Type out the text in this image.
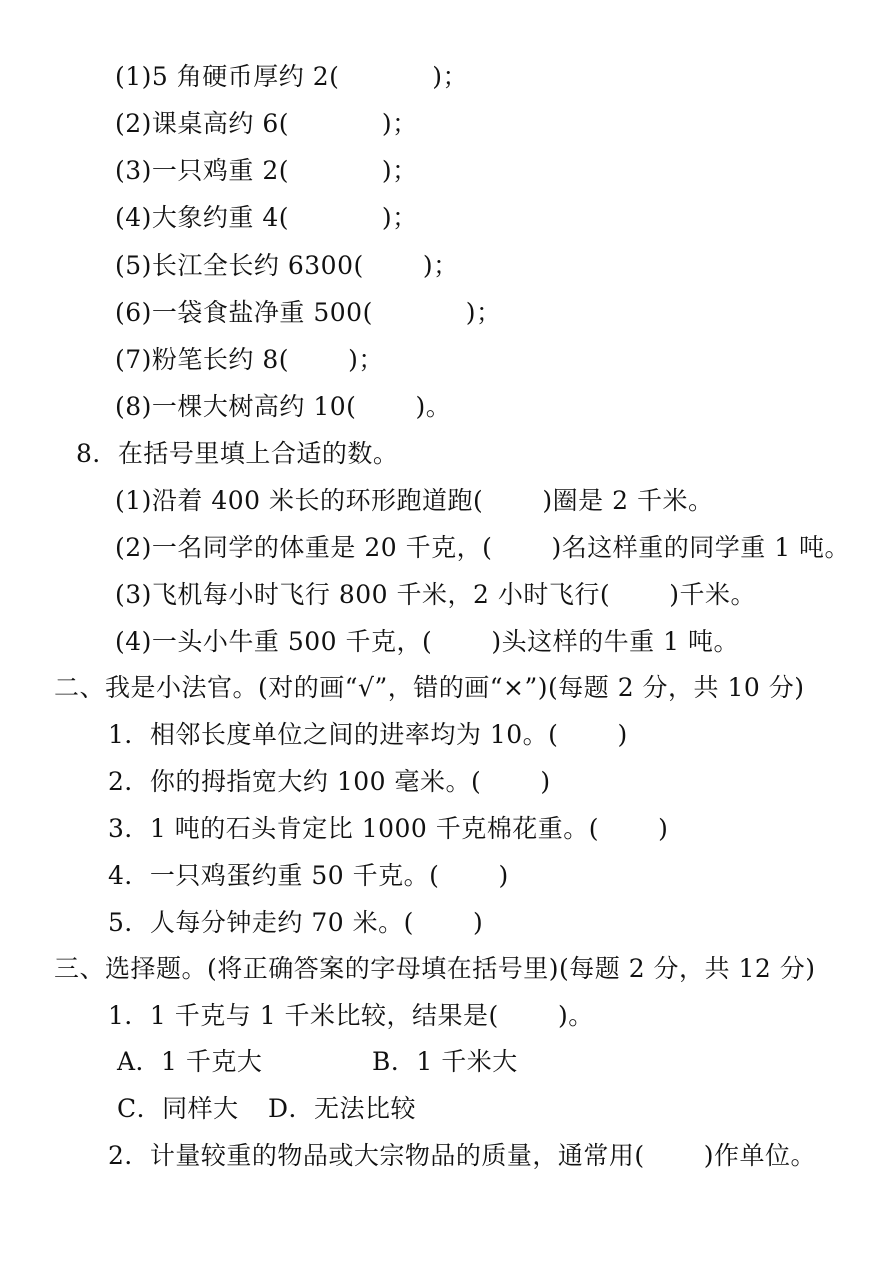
(1)5 角硬币厚约 2(           )；
(2)课桌高约 6(           )；
(3)一只鸡重 2(           )；
(4)大象约重 4(           )；
(5)长江全长约 6300(       )；
(6)一袋食盐净重 500(           )；
(7)粉笔长约 8(       )；
(8)一棵大树高约 10(       )。
8．在括号里填上合适的数。
(1)沿着 400 米长的环形跑道跑(       )圈是 2 千米。
(2)一名同学的体重是 20 千克，(       )名这样重的同学重 1 吨。
(3)飞机每小时飞行 800 千米，2 小时飞行(       )千米。
(4)一头小牛重 500 千克，(       )头这样的牛重 1 吨。
二、我是小法官。(对的画“√”，错的画“×”)(每题 2 分，共 10 分)
1．相邻长度单位之间的进率均为 10。(       )
2．你的拇指宽大约 100 毫米。(       )
3．1 吨的石头肯定比 1000 千克棉花重。(       )
4．一只鸡蛋约重 50 千克。(       )
5．人每分钟走约 70 米。(       )
三、选择题。(将正确答案的字母填在括号里)(每题 2 分，共 12 分)
1．1 千克与 1 千米比较，结果是(       )。
A．1 千克大	B．1 千米大
C．同样大 D．无法比较
2．计量较重的物品或大宗物品的质量，通常用(       )作单位。
